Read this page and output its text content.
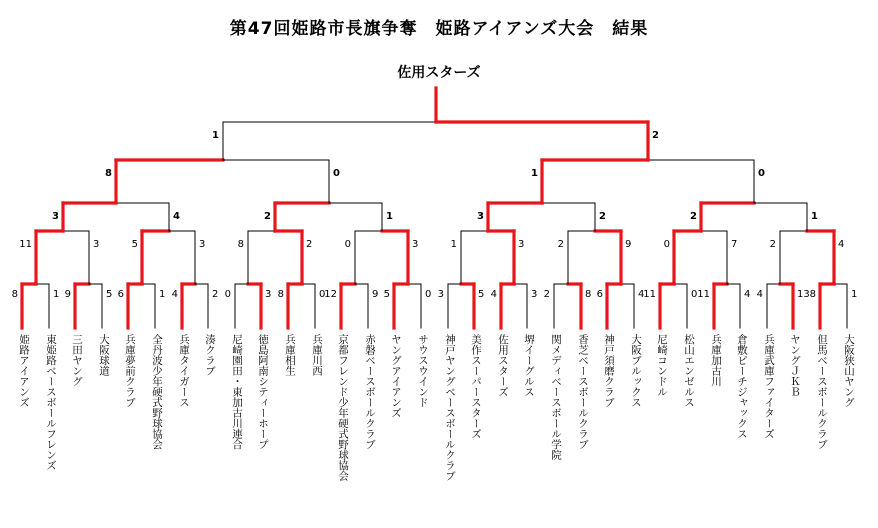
第47回姫路市長旗争奪　姫路アイアンズ大会　結果
佐用スターズ
8	1 9	5 6	1 4	2 0	3 8	0
12	9 5	0 3	5 4	3 2	8 6	4
11	0 11	4 4	13 8	1
11	3	5	3	8	2	0	3	1	3	2	9	0	7	2	4
3	4	2	1	3	2	2	1
8	0	1	0
1	2
姫路アイアンズ 東姫路ベースボールフレンズ 三田ヤング 大阪球道 兵庫夢前クラブ 全丹波少年硬式野球協会 兵庫タイガース 湊クラブ 尼崎園田・東加古川連合 徳島阿南シティーホープ 兵庫相生 兵庫川西 京都フレンド少年硬式野球協会 赤磐ベースボールクラブ ヤングアイアンズ サウスウインド 神戸ヤングベースボールクラブ 美作スーパースターズ 佐用スターズ 堺イーグルス 関メディベースボール学院 香芝ベースボールクラブ 神戸須磨クラブ 大阪ブルックス 尼崎コンドル 松山エンゼルス 兵庫加古川 倉敷ピーチジャックス 兵庫武庫ファイターズ ヤングＪＫＢ 但馬ベースボールクラブ 大阪狭山ヤング
